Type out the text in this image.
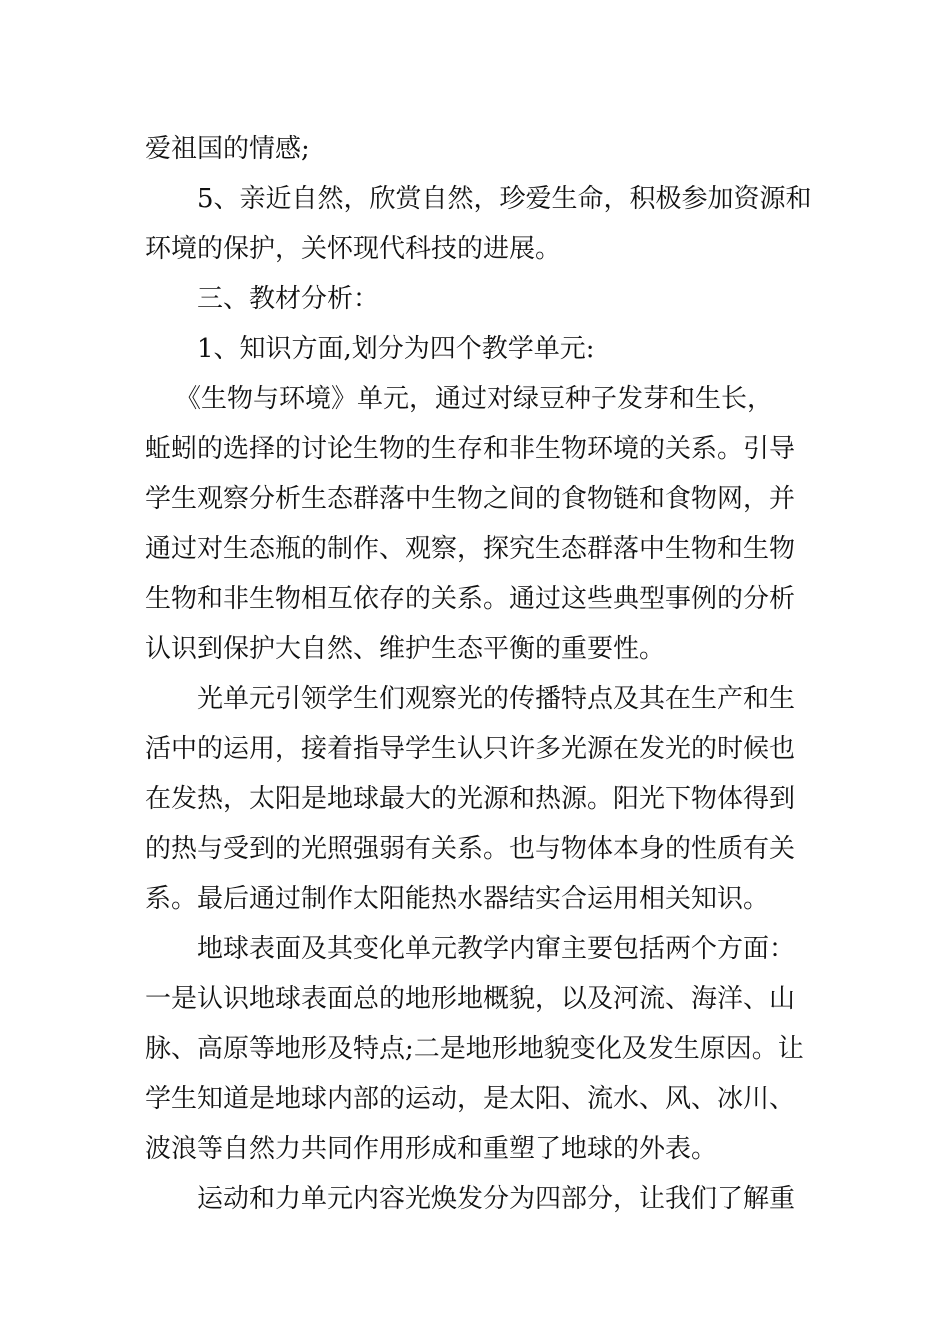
爱祖国的情感;
5、亲近自然，欣赏自然，珍爱生命，积极参加资源和
环境的保护，关怀现代科技的进展。
三、教材分析：
1、知识方面,划分为四个教学单元:
《生物与环境》单元，通过对绿豆种子发芽和生长，
蚯蚓的选择的讨论生物的生存和非生物环境的关系。引导
学生观察分析生态群落中生物之间的食物链和食物网，并
通过对生态瓶的制作、观察，探究生态群落中生物和生物
生物和非生物相互依存的关系。通过这些典型事例的分析
认识到保护大自然、维护生态平衡的重要性。
光单元引领学生们观察光的传播特点及其在生产和生
活中的运用，接着指导学生认只许多光源在发光的时候也
在发热，太阳是地球最大的光源和热源。阳光下物体得到
的热与受到的光照强弱有关系。也与物体本身的性质有关
系。最后通过制作太阳能热水器结实合运用相关知识。
地球表面及其变化单元教学内窜主要包括两个方面：
一是认识地球表面总的地形地概貌，以及河流、海洋、山
脉、高原等地形及特点;二是地形地貌变化及发生原因。让
学生知道是地球内部的运动，是太阳、流水、风、冰川、
波浪等自然力共同作用形成和重塑了地球的外表。
运动和力单元内容光焕发分为四部分，让我们了解重
